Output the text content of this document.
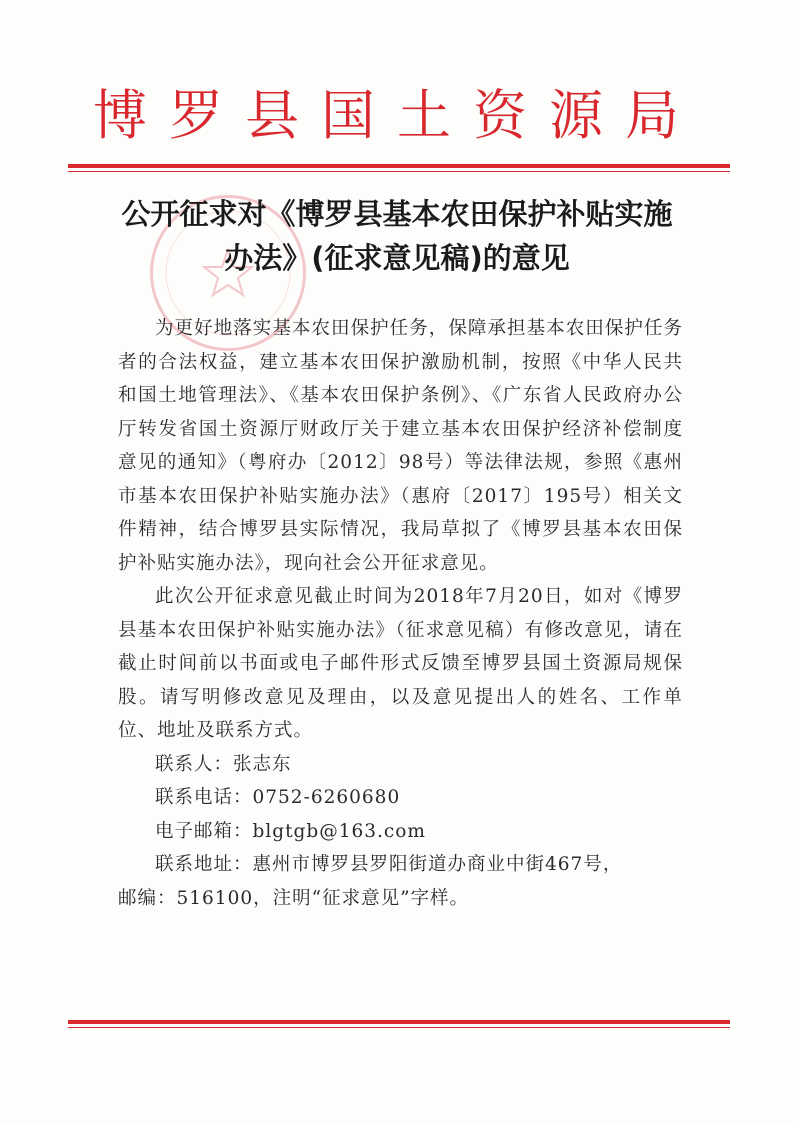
博罗县国土资源局
公开征求对《博罗县基本农田保护补贴实施
办法》(征求意见稿)的意见

为更好地落实基本农田保护任务，保障承担基本农田保护任务者的合法权益，建立基本农田保护激励机制，按照《中华人民共和国土地管理法》、《基本农田保护条例》、《广东省人民政府办公厅转发省国土资源厅财政厅关于建立基本农田保护经济补偿制度意见的通知》（粤府办〔2012〕98号）等法律法规，参照《惠州市基本农田保护补贴实施办法》（惠府〔2017〕195号）相关文件精神，结合博罗县实际情况，我局草拟了《博罗县基本农田保护补贴实施办法》，现向社会公开征求意见。

此次公开征求意见截止时间为2018年7月20日，如对《博罗县基本农田保护补贴实施办法》（征求意见稿）有修改意见，请在截止时间前以书面或电子邮件形式反馈至博罗县国土资源局规保股。请写明修改意见及理由，以及意见提出人的姓名、工作单位、地址及联系方式。

联系人：张志东

联系电话：0752-6260680

电子邮箱：blgtgb@163.com

联系地址：惠州市博罗县罗阳街道办商业中街467号，

邮编：516100，注明“征求意见”字样。
